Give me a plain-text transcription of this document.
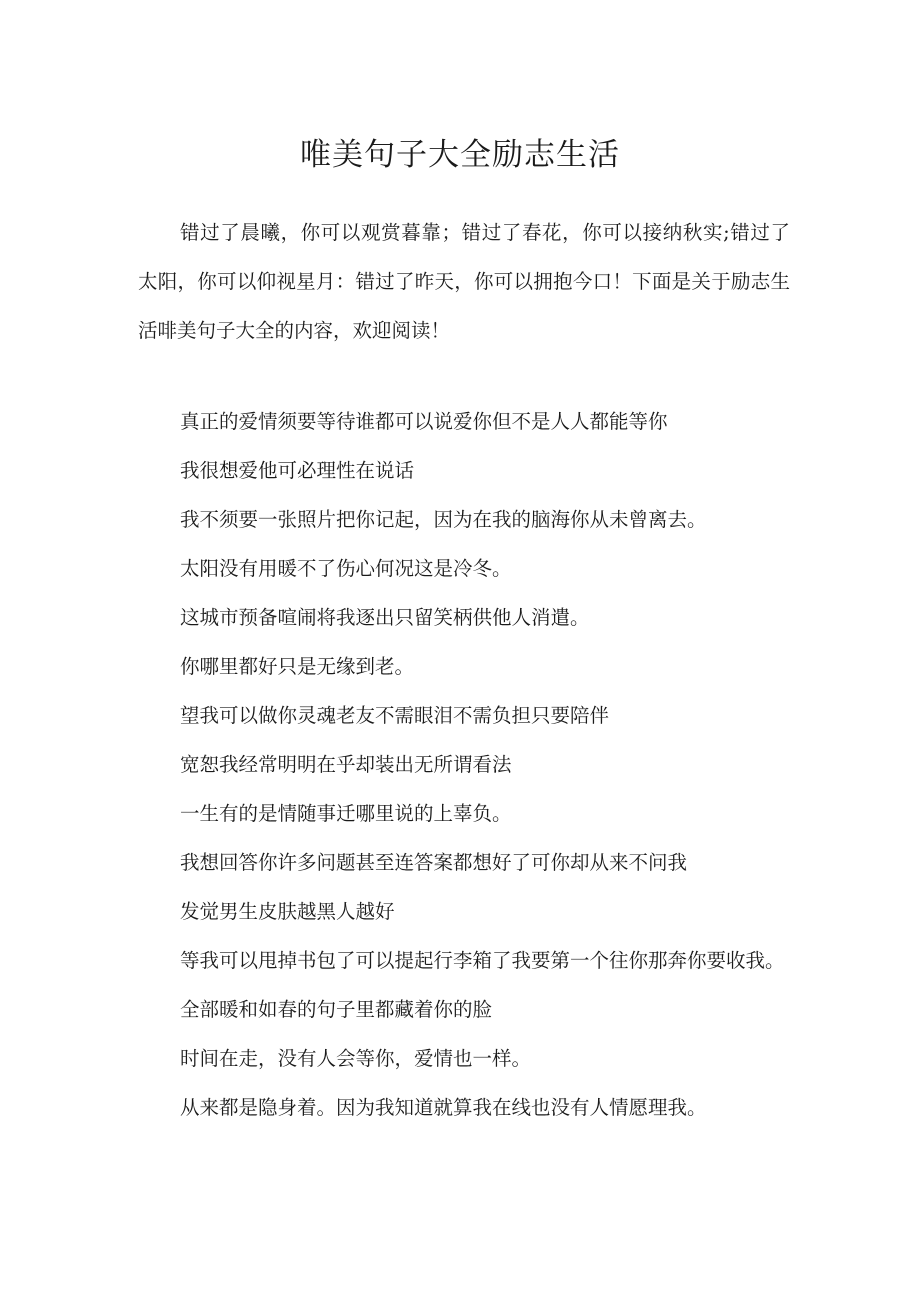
唯美句子大全励志生活

错过了晨曦，你可以观赏暮靠；错过了春花，你可以接纳秋实;错过了太阳，你可以仰视星月：错过了昨天，你可以拥抱今口！下面是关于励志生活啡美句子大全的内容，欢迎阅读！

真正的爱情须要等待谁都可以说爱你但不是人人都能等你
我很想爱他可必理性在说话
我不须要一张照片把你记起，因为在我的脑海你从未曾离去。
太阳没有用暖不了伤心何况这是冷冬。
这城市预备喧闹将我逐出只留笑柄供他人消遣。
你哪里都好只是无缘到老。
望我可以做你灵魂老友不需眼泪不需负担只要陪伴
宽恕我经常明明在乎却装出无所谓看法
一生有的是情随事迁哪里说的上辜负。
我想回答你许多问题甚至连答案都想好了可你却从来不问我
发觉男生皮肤越黑人越好
等我可以甩掉书包了可以提起行李箱了我要第一个往你那奔你要收我。
全部暖和如春的句子里都藏着你的脸
时间在走，没有人会等你，爱情也一样。
从来都是隐身着。因为我知道就算我在线也没有人情愿理我。
